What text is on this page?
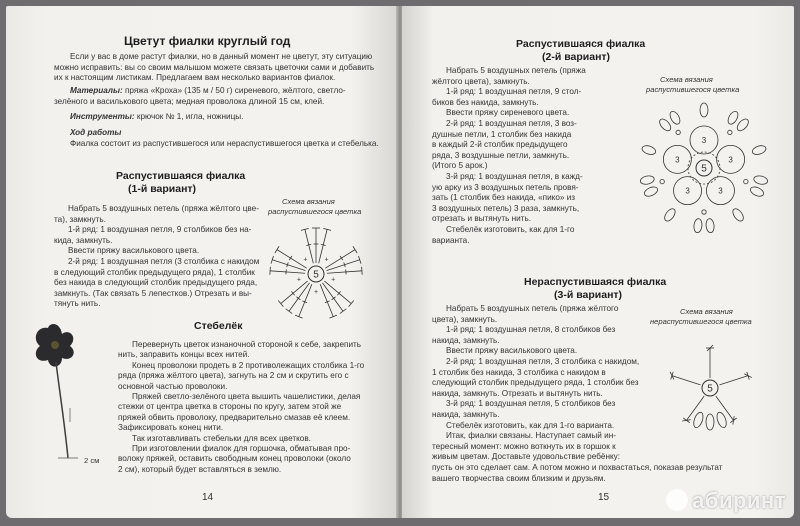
Цветут фиалки круглый год
Если у вас в доме растут фиалки, но в данный момент не цветут, эту ситуацию
можно исправить: вы со своим малышом можете связать цветочки сами и добавить их к настоящим листикам. Предлагаем вам несколько вариантов фиалок.
Материалы: пряжа «Кроха» (135 м / 50 г) сиреневого, жёлтого, светло-
зелёного и василькового цвета; медная проволока длиной 15 см, клей.
Инструменты: крючок № 1, игла, ножницы.
Ход работы
Фиалка состоит из распустившегося или нераспустившегося цветка и стебелька.
Распустившаяся фиалка
(1-й вариант)
Набрать 5 воздушных петель (пряжа жёлтого цве-
та), замкнуть.
1-й ряд: 1 воздушная петля, 9 столбиков без на-
кида, замкнуть.
Ввести пряжу василькового цвета.
2-й ряд: 1 воздушная петля (3 столбика с накидом
в следующий столбик предыдущего ряда), 1 столбик
без накида в следующий столбик предыдущего ряда,
замкнуть. (Так связать 5 лепестков.) Отрезать и вы-
тянуть нить.
Схема вязания
распустившегося цветка
+
+
+
+
+
5
Стебелёк
2 см
Перевернуть цветок изнаночной стороной к себе, закрепить
нить, заправить концы всех нитей.
Конец проволоки продеть в 2 противолежащих столбика 1-го
ряда (пряжа жёлтого цвета), загнуть на 2 см и скрутить его с
основной частью проволоки.
Пряжей светло-зелёного цвета вышить чашелистики, делая
стежки от центра цветка в стороны по кругу, затем этой же
пряжей обвить проволоку, предварительно смазав её клеем.
Зафиксировать конец нити.
Так изготавливать стебельки для всех цветков.
При изготовлении фиалок для горшочка, обматывая про-
волоку пряжей, оставить свободным конец проволоки (около
2 см), который будет вставляться в землю.
14
Распустившаяся фиалка
(2-й вариант)
Набрать 5 воздушных петель (пряжа
жёлтого цвета), замкнуть.
1-й ряд: 1 воздушная петля, 9 стол-
биков без накида, замкнуть.
Ввести пряжу сиреневого цвета.
2-й ряд: 1 воздушная петля, 3 воз-
душные петли, 1 столбик без накида
в каждый 2-й столбик предыдущего
ряда, 3 воздушные петли, замкнуть.
(Итого 5 арок.)
3-й ряд: 1 воздушная петля, в кажд-
ую арку из 3 воздушных петель провя-
зать (1 столбик без накида, «пико» из
3 воздушных петель) 3 раза, замкнуть,
отрезать и вытянуть нить.
Стебелёк изготовить, как для 1-го
варианта.
Схема вязания
распустившегося цветка
3
3
3
3
3
5
Нераспустившаяся фиалка
(3-й вариант)
Набрать 5 воздушных петель (пряжа жёлтого
цвета), замкнуть.
1-й ряд: 1 воздушная петля, 8 столбиков без
накида, замкнуть.
Ввести пряжу василькового цвета.
2-й ряд: 1 воздушная петля, 3 столбика с накидом,
1 столбик без накида, 3 столбика с накидом в
следующий столбик предыдущего ряда, 1 столбик без
накида, замкнуть. Отрезать и вытянуть нить.
3-й ряд: 1 воздушная петля, 5 столбиков без
накида, замкнуть.
Стебелёк изготовить, как для 1-го варианта.
Итак, фиалки связаны. Наступает самый ин-
тересный момент: можно воткнуть их в горшок к
живым цветам. Доставьте удовольствие ребёнку:
пусть он это сделает сам. А потом можно и похвастаться, показав результат
вашего творчества своим близким и друзьям.
Схема вязания
нераспустившегося цветка
5
15	абиринт
